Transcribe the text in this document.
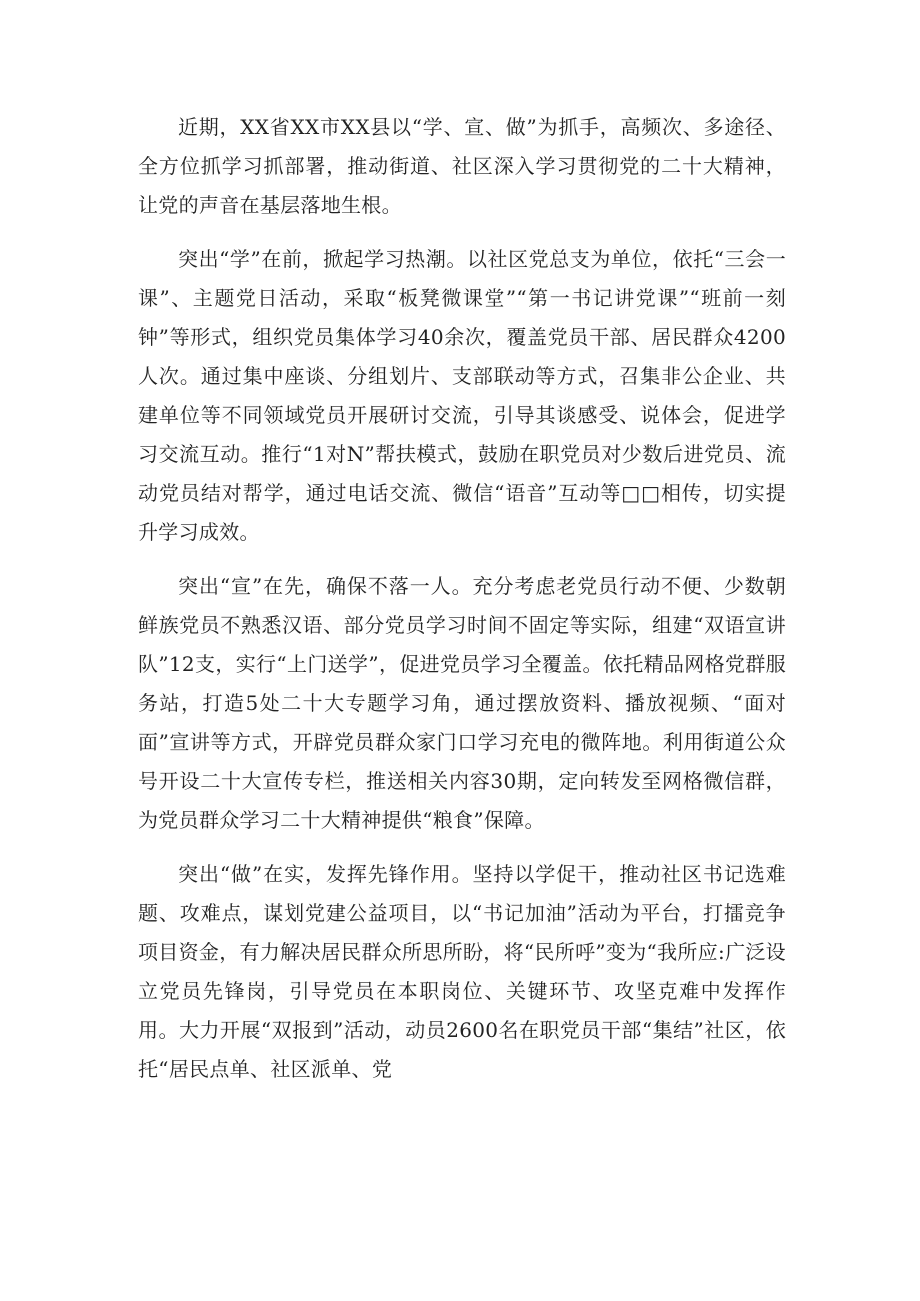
近期，XX省XX市XX县以“学、宣、做”为抓手，高频次、多途径、全方位抓学习抓部署，推动街道、社区深入学习贯彻党的二十大精神，让党的声音在基层落地生根。

突出“学”在前，掀起学习热潮。以社区党总支为单位，依托“三会一课”、主题党日活动，采取“板凳微课堂”“第一书记讲党课”“班前一刻钟”等形式，组织党员集体学习40余次，覆盖党员干部、居民群众4200人次。通过集中座谈、分组划片、支部联动等方式，召集非公企业、共建单位等不同领域党员开展研讨交流，引导其谈感受、说体会，促进学习交流互动。推行“1对N”帮扶模式，鼓励在职党员对少数后进党员、流动党员结对帮学，通过电话交流、微信“语音”互动等□□相传，切实提升学习成效。

突出“宣”在先，确保不落一人。充分考虑老党员行动不便、少数朝鲜族党员不熟悉汉语、部分党员学习时间不固定等实际，组建“双语宣讲队”12支，实行“上门送学”，促进党员学习全覆盖。依托精品网格党群服务站，打造5处二十大专题学习角，通过摆放资料、播放视频、“面对面”宣讲等方式，开辟党员群众家门口学习充电的微阵地。利用街道公众号开设二十大宣传专栏，推送相关内容30期，定向转发至网格微信群，为党员群众学习二十大精神提供“粮食”保障。

突出“做”在实，发挥先锋作用。坚持以学促干，推动社区书记选难题、攻难点，谋划党建公益项目，以“书记加油”活动为平台，打擂竞争项目资金，有力解决居民群众所思所盼，将“民所呼”变为“我所应:广泛设立党员先锋岗，引导党员在本职岗位、关键环节、攻坚克难中发挥作用。大力开展“双报到”活动，动员2600名在职党员干部“集结”社区，依托“居民点单、社区派单、党
